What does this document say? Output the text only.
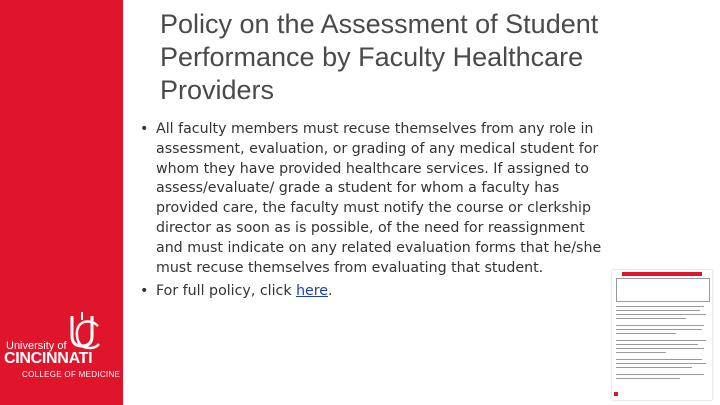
University of
CINCINNATI
COLLEGE OF MEDICINE
Policy on the Assessment of Student Performance by Faculty Healthcare Providers
• All faculty members must recuse themselves from any role in assessment, evaluation, or grading of any medical student for whom they have provided healthcare services. If assigned to assess/evaluate/ grade a student for whom a faculty has provided care, the faculty must notify the course or clerkship director as soon as is possible, of the need for reassignment and must indicate on any related evaluation forms that he/she must recuse themselves from evaluating that student.
• For full policy, click here.
